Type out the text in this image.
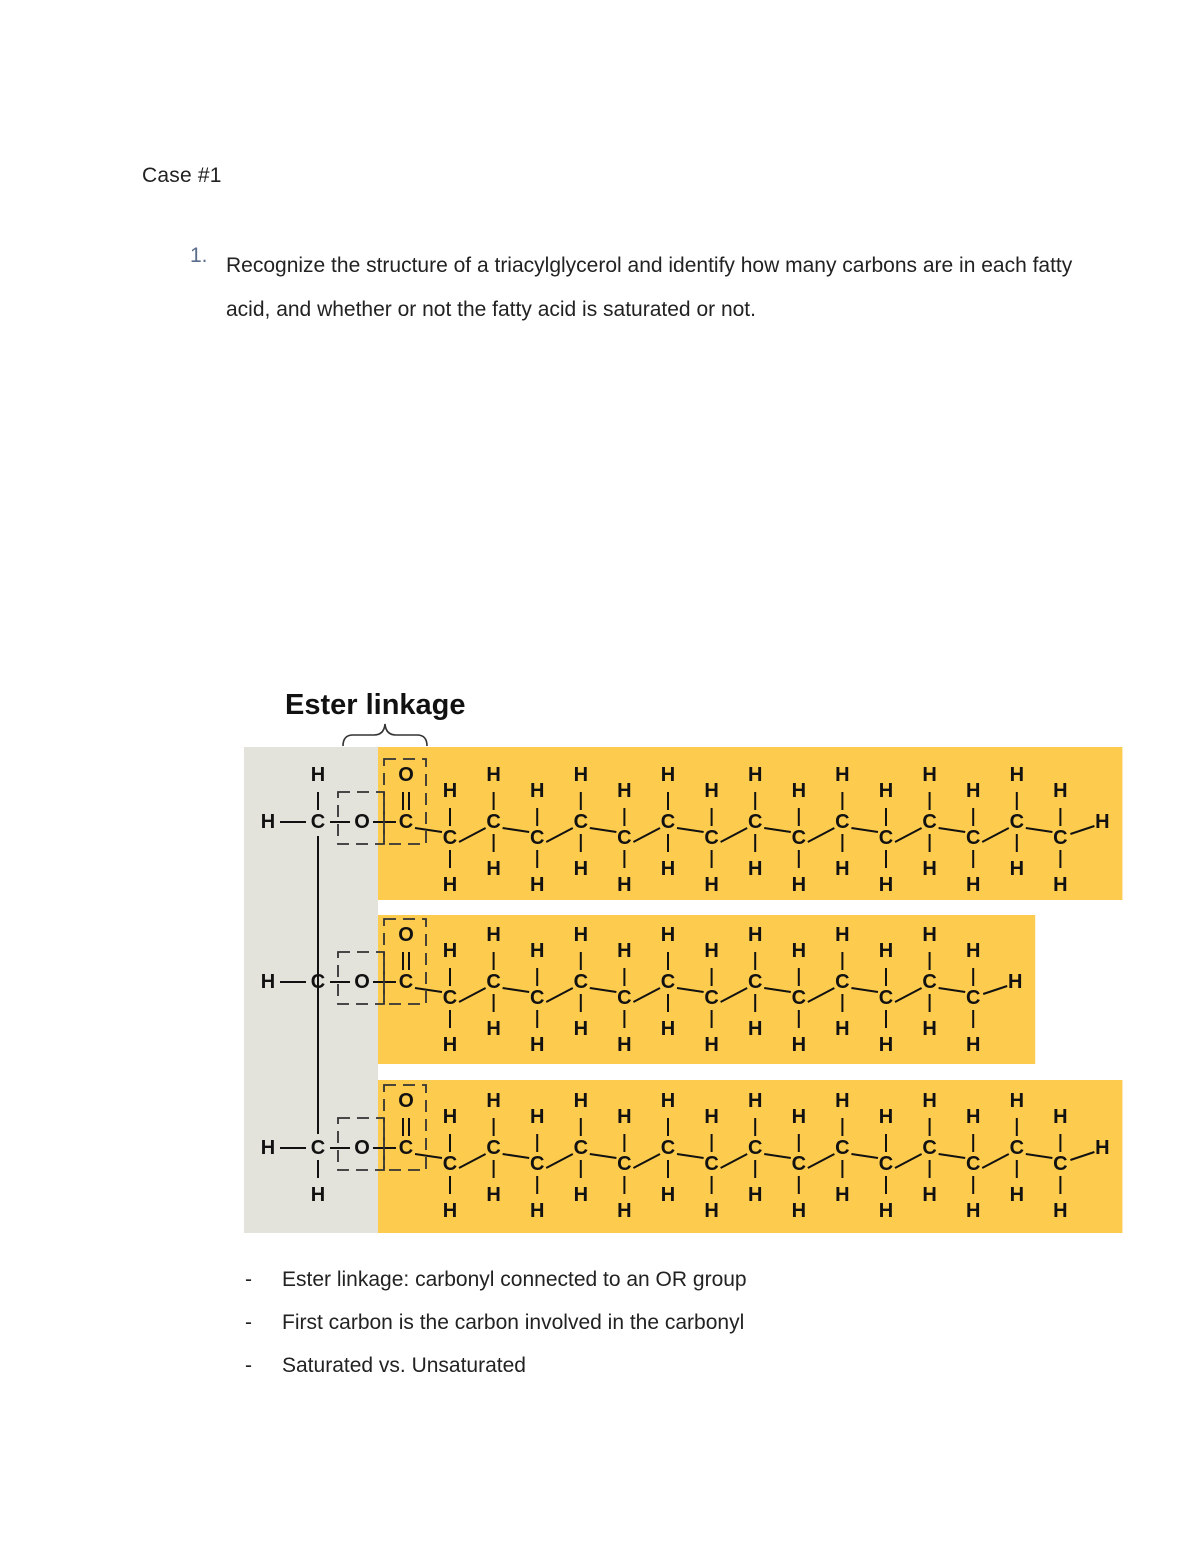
Case #1
1. Recognize the structure of a triacylglycerol and identify how many carbons are in each fatty acid, and whether or not the fatty acid is saturated or not.
Ester linkage
H C O
H
C
O
C
H
H
C
H
H
C
H
H
C
H
H
C
H
H
C
H
H
C
H
H
C
H
H
C
H
H
C
H
H
C
H
H
C
H
H
C
H
H
C
H
H
C
H
H
H
H C O C
O
C
H
H
C
H
H
C
H
H
C
H
H
C
H
H
C
H
H
C
H
H
C
H
H
C
H
H
C
H
H
C
H
H
C
H
H
C
H
H
H
H C O
H
C
O
C
H
H
C
H
H
C
H
H
C
H
H
C
H
H
C
H
H
C
H
H
C
H
H
C
H
H
C
H
H
C
H
H
C
H
H
C
H
H
C
H
H
C
H
H
H
- Ester linkage: carbonyl connected to an OR group
- First carbon is the carbon involved in the carbonyl
- Saturated vs. Unsaturated
